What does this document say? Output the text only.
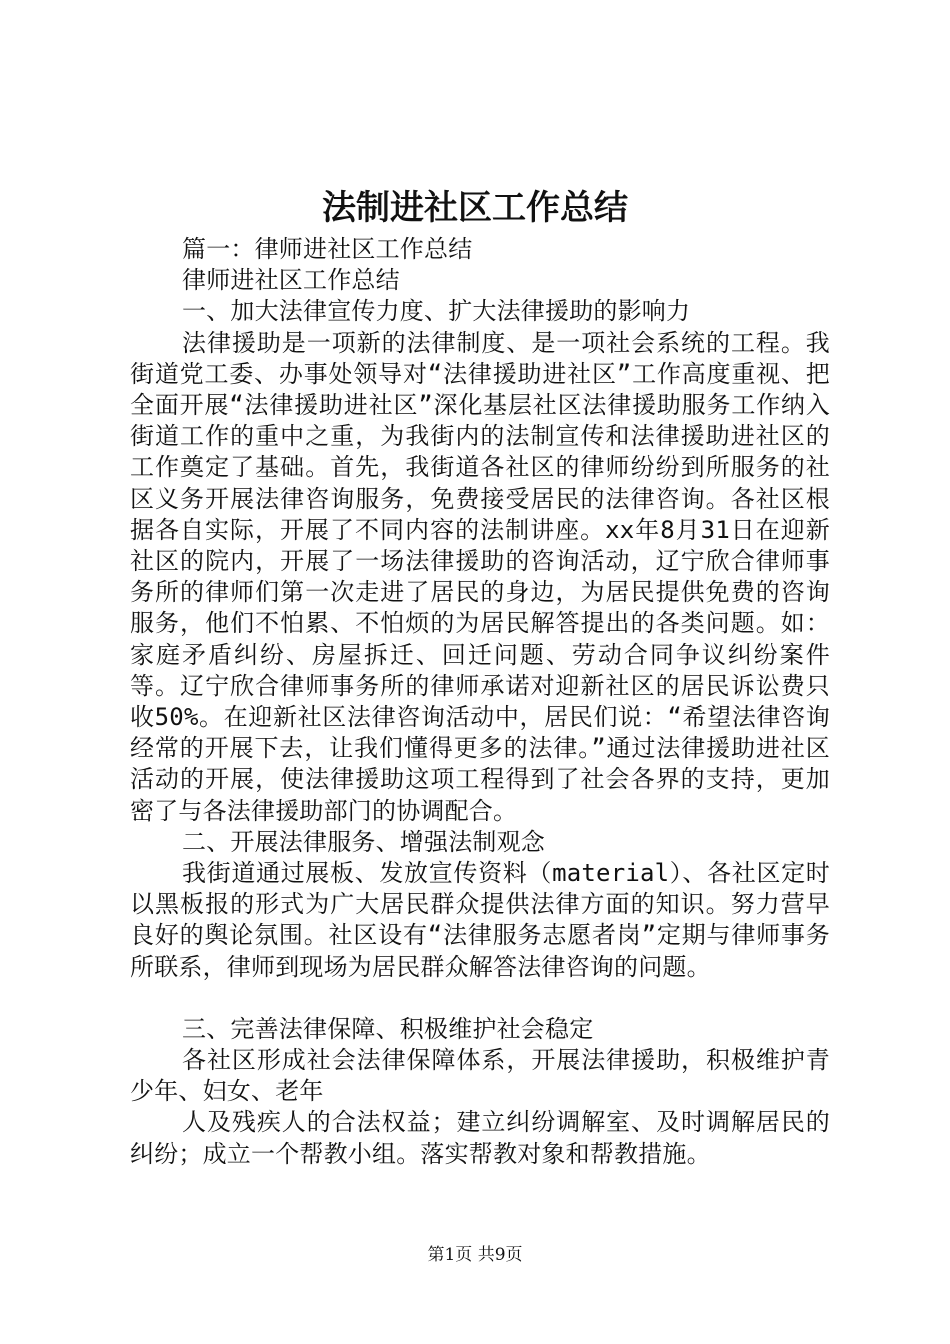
法制进社区工作总结

篇一：律师进社区工作总结

律师进社区工作总结

一、加大法律宣传力度、扩大法律援助的影响力

法律援助是一项新的法律制度、是一项社会系统的工程。我街道党工委、办事处领导对“法律援助进社区”工作高度重视、把全面开展“法律援助进社区”深化基层社区法律援助服务工作纳入街道工作的重中之重，为我街内的法制宣传和法律援助进社区的工作奠定了基础。首先，我街道各社区的律师纷纷到所服务的社区义务开展法律咨询服务，免费接受居民的法律咨询。各社区根据各自实际，开展了不同内容的法制讲座。xx年8月31日在迎新社区的院内，开展了一场法律援助的咨询活动，辽宁欣合律师事务所的律师们第一次走进了居民的身边，为居民提供免费的咨询服务，他们不怕累、不怕烦的为居民解答提出的各类问题。如：家庭矛盾纠纷、房屋拆迁、回迁问题、劳动合同争议纠纷案件等。辽宁欣合律师事务所的律师承诺对迎新社区的居民诉讼费只收50%。在迎新社区法律咨询活动中，居民们说：“希望法律咨询经常的开展下去，让我们懂得更多的法律。”通过法律援助进社区活动的开展，使法律援助这项工程得到了社会各界的支持，更加密了与各法律援助部门的协调配合。

二、开展法律服务、增强法制观念

我街道通过展板、发放宣传资料（material）、各社区定时以黑板报的形式为广大居民群众提供法律方面的知识。努力营早良好的舆论氛围。社区设有“法律服务志愿者岗”定期与律师事务所联系，律师到现场为居民群众解答法律咨询的问题。

三、完善法律保障、积极维护社会稳定

各社区形成社会法律保障体系，开展法律援助，积极维护青少年、妇女、老年

人及残疾人的合法权益；建立纠纷调解室、及时调解居民的纠纷；成立一个帮教小组。落实帮教对象和帮教措施。

第1页 共9页
